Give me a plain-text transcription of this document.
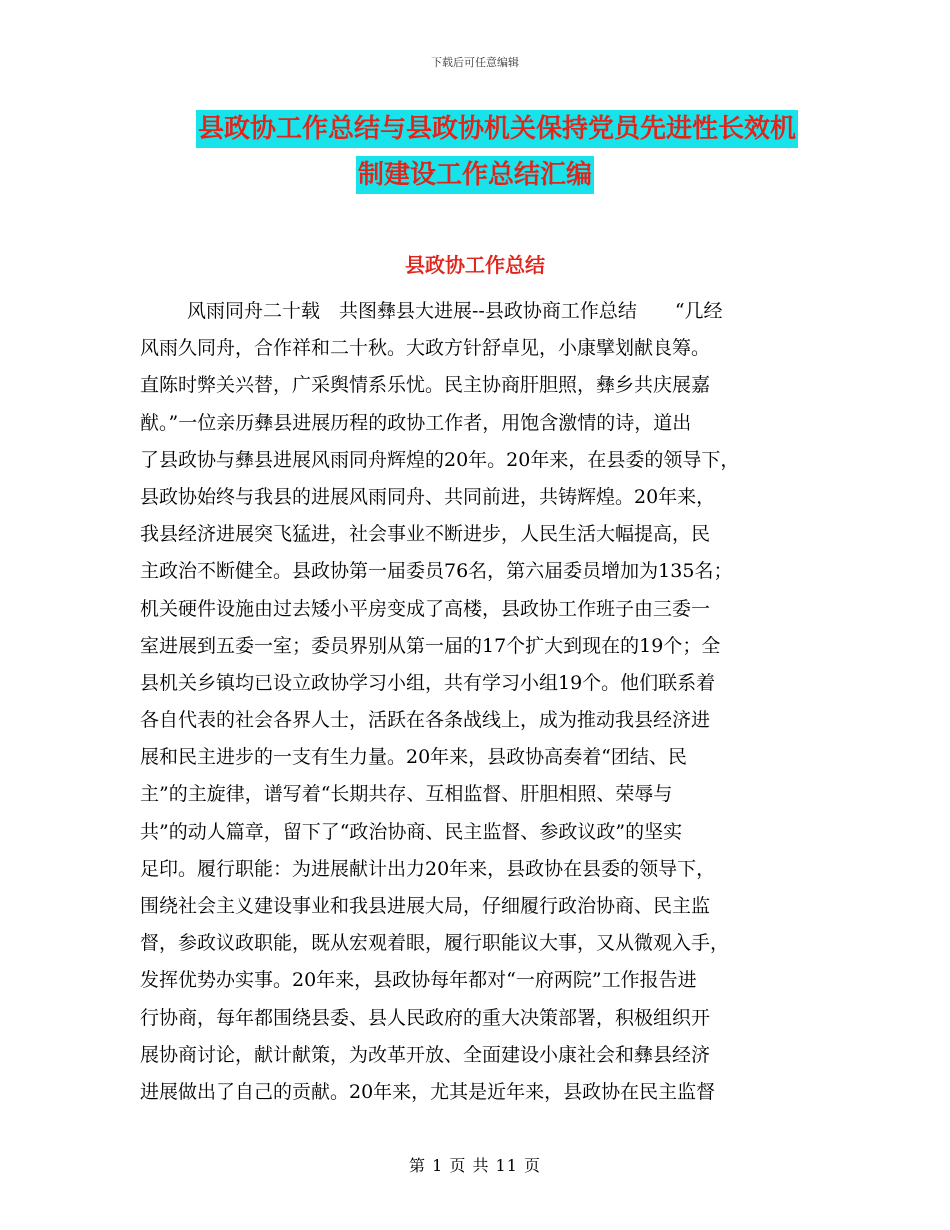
下载后可任意编辑
县政协工作总结与县政协机关保持党员先进性长效机
制建设工作总结汇编
县政协工作总结
风雨同舟二十载　共图彝县大进展--县政协商工作总结　　“几经
风雨久同舟，合作祥和二十秋。大政方针舒卓见，小康擘划献良筹。
直陈时弊关兴替，广采舆情系乐忧。民主协商肝胆照，彝乡共庆展嘉
猷。”一位亲历彝县进展历程的政协工作者，用饱含激情的诗，道出
了县政协与彝县进展风雨同舟辉煌的20年。20年来，在县委的领导下，
县政协始终与我县的进展风雨同舟、共同前进，共铸辉煌。20年来，
我县经济进展突飞猛进，社会事业不断进步，人民生活大幅提高，民
主政治不断健全。县政协第一届委员76名，第六届委员增加为135名；
机关硬件设施由过去矮小平房变成了高楼，县政协工作班子由三委一
室进展到五委一室；委员界别从第一届的17个扩大到现在的19个；全
县机关乡镇均已设立政协学习小组，共有学习小组19个。他们联系着
各自代表的社会各界人士，活跃在各条战线上，成为推动我县经济进
展和民主进步的一支有生力量。20年来，县政协高奏着“团结、民
主”的主旋律，谱写着“长期共存、互相监督、肝胆相照、荣辱与
共”的动人篇章，留下了“政治协商、民主监督、参政议政”的坚实
足印。履行职能：为进展献计出力20年来，县政协在县委的领导下，
围绕社会主义建设事业和我县进展大局，仔细履行政治协商、民主监
督，参政议政职能，既从宏观着眼，履行职能议大事，又从微观入手，
发挥优势办实事。20年来，县政协每年都对“一府两院”工作报告进
行协商，每年都围绕县委、县人民政府的重大决策部署，积极组织开
展协商讨论，献计献策，为改革开放、全面建设小康社会和彝县经济
进展做出了自己的贡献。20年来，尤其是近年来，县政协在民主监督
第 1 页 共 11 页
